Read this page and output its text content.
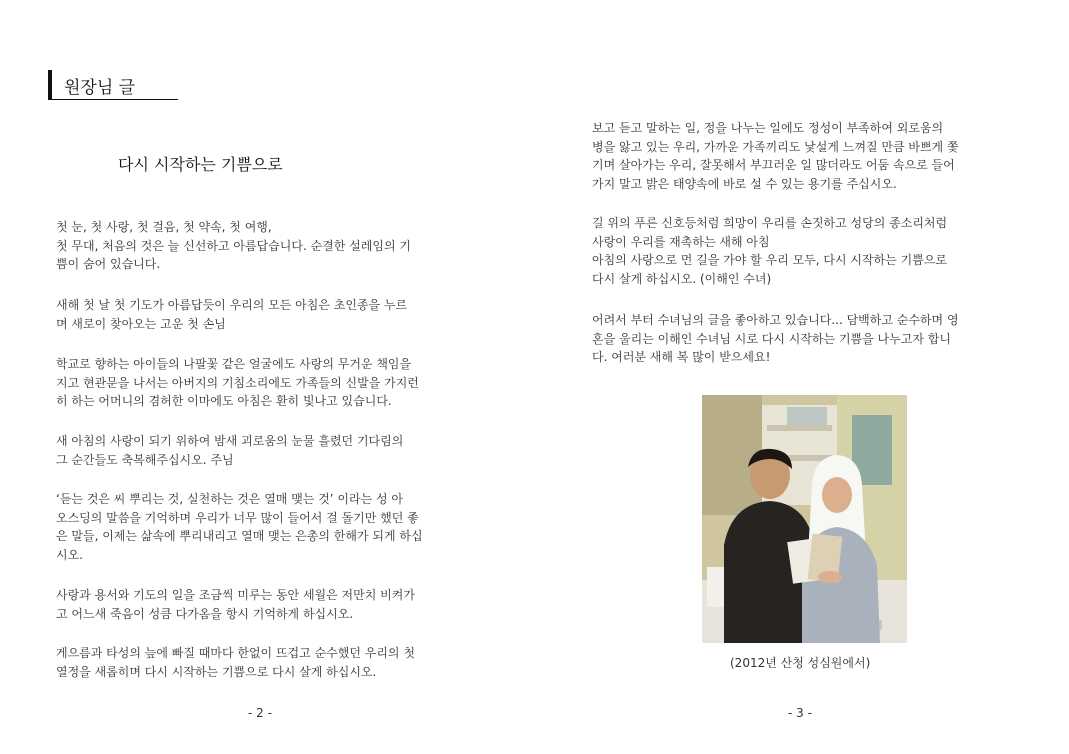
원장님 글
다시 시작하는 기쁨으로
첫 눈, 첫 사랑, 첫 걸음, 첫 약속, 첫 여행,
첫 무대, 처음의 것은 늘 신선하고 아름답습니다. 순결한 설레임의 기
쁨이 숨어 있습니다.
새해 첫 날 첫 기도가 아름답듯이 우리의 모든 아침은 초인종을 누르
며 새로이 찾아오는 고운 첫 손님
학교로 향하는 아이들의 나팔꽃 같은 얼굴에도 사랑의 무거운 책임을
지고 현관문을 나서는 아버지의 기침소리에도 가족들의 신발을 가지런
히 하는 어머니의 겸허한 이마에도 아침은 환히 빛나고 있습니다.
새 아침의 사랑이 되기 위하여 밤새 괴로움의 눈물 흘렸던 기다림의
그 순간들도 축복해주십시오. 주님
‘듣는 것은 씨 뿌리는 것, 실천하는 것은 열매 맺는 것’ 이라는 성 아
오스딩의 말씀을 기억하며 우리가 너무 많이 들어서 걸 돌기만 했던 좋
은 말들, 이제는 삶속에 뿌리내리고 열매 맺는 은총의 한해가 되게 하십
시오.
사랑과 용서와 기도의 일을 조금씩 미루는 동안 세월은 저만치 비켜가
고 어느새 죽음이 성큼 다가옴을 항시 기억하게 하십시오.
게으름과 타성의 늪에 빠질 때마다 한없이 뜨겁고 순수했던 우리의 첫
열정을 새롭히며 다시 시작하는 기쁨으로 다시 살게 하십시오.
- 2 -
보고 듣고 말하는 일, 정을 나누는 일에도 정성이 부족하여 외로움의
병을 앓고 있는 우리, 가까운 가족끼리도 낯설게 느껴질 만큼 바쁘게 쫓
기며 살아가는 우리, 잘못해서 부끄러운 일 많더라도 어둠 속으로 들어
가지 말고 밝은 태양속에 바로 설 수 있는 용기를 주십시오.
길 위의 푸른 신호등처럼 희망이 우리를 손짓하고 성당의 종소리처럼
사랑이 우리를 재촉하는 새해 아침
아침의 사랑으로 먼 길을 가야 할 우리 모두, 다시 시작하는 기쁨으로
다시 살게 하십시오. (이해인 수녀)
어려서 부터 수녀님의 글을 좋아하고 있습니다... 담백하고 순수하며 영
혼을 울리는 이해인 수녀님 시로 다시 시작하는 기쁨을 나누고자 합니
다. 여러분 새해 복 많이 받으세요!
(2012년 산청 성심원에서)
- 3 -
